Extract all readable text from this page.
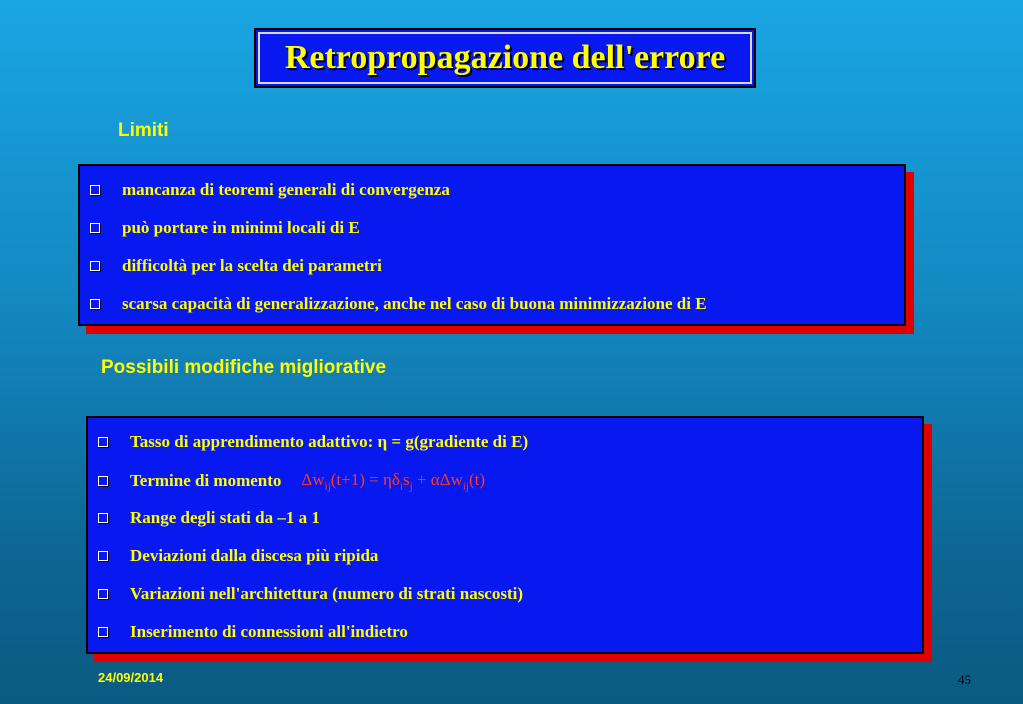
Retropropagazione dell'errore
Limiti
mancanza di teoremi generali di convergenza
può portare in minimi locali di E
difficoltà per la scelta dei parametri
scarsa capacità di generalizzazione, anche nel caso di buona minimizzazione di E
Possibili modifiche migliorative
Tasso di apprendimento adattivo: η = g(gradiente di E)
Termine di momento $\Delta w_{ij}(t+1) = \eta\delta_is_j + \alpha\Delta w_{ij}(t)$
Range degli stati da –1 a 1
Deviazioni dalla discesa più ripida
Variazioni nell'architettura (numero di strati nascosti)
Inserimento di connessioni all'indietro
24/09/2014	45
